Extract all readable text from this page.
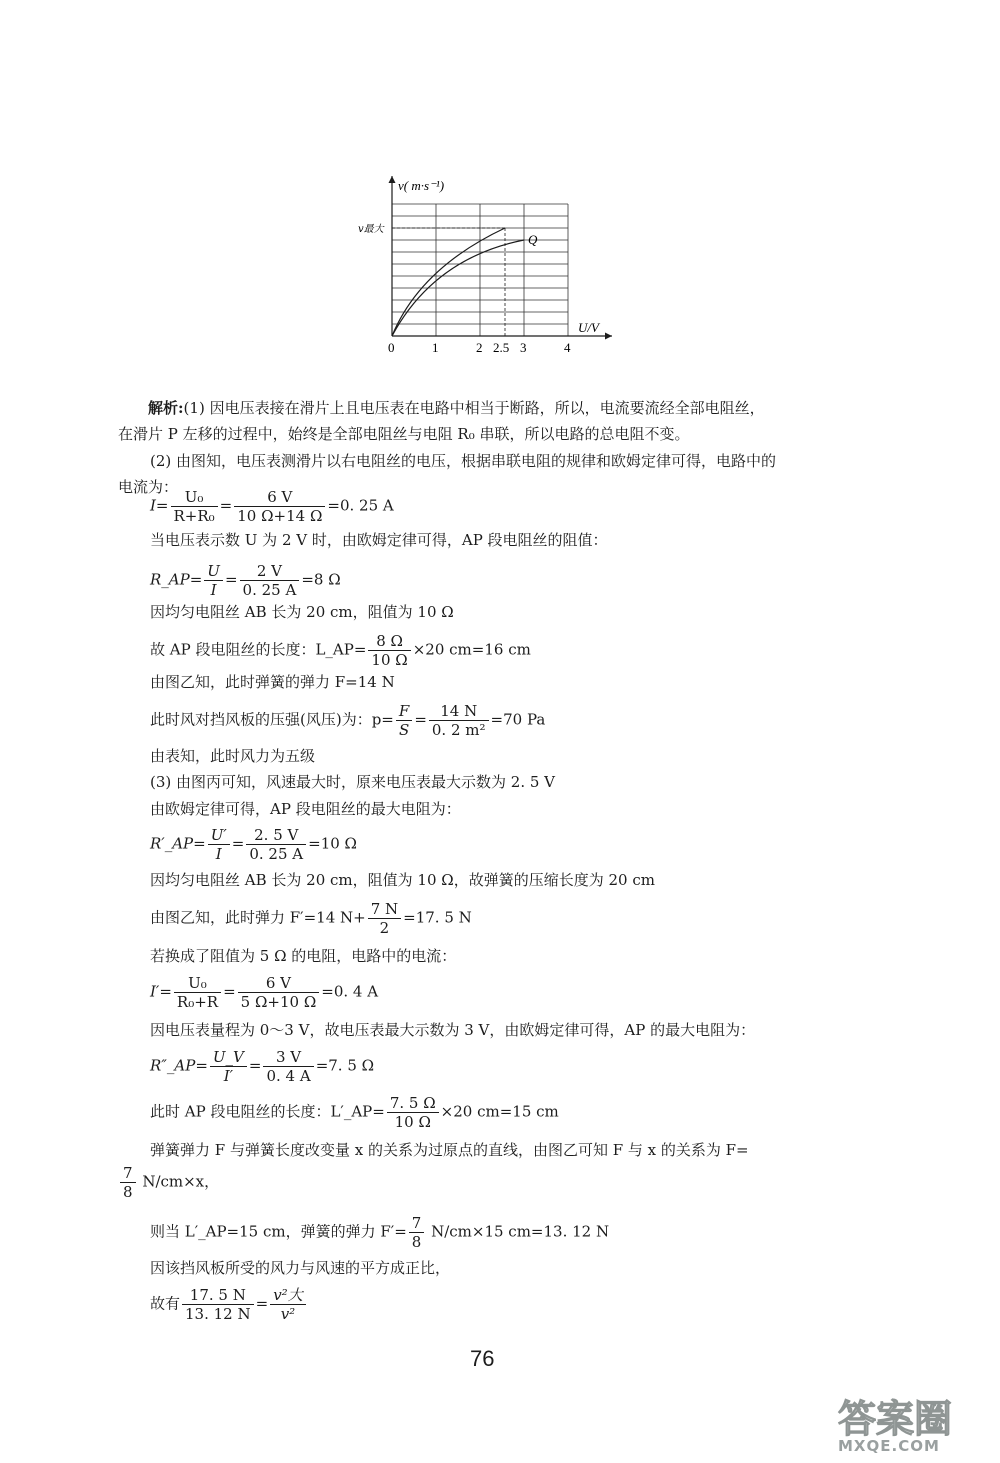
v( m·s⁻¹)
U/V
v最大
Q
0	1	2 2.5 3	4
解析:(1) 因电压表接在滑片上且电压表在电路中相当于断路，所以，电流要流经全部电阻丝，
在滑片 P 左移的过程中，始终是全部电阻丝与电阻 R₀ 串联，所以电路的总电阻不变。
(2) 由图知，电压表测滑片以右电阻丝的电压，根据串联电阻的规律和欧姆定律可得，电路中的
电流为：
$I= \frac{\text{U₀}}{\text{R+R₀}} = \frac{6 V}{10 \Omega+14 \Omega} =0$. 25 A
当电压表示数 U 为 2 V 时，由欧姆定律可得，AP 段电阻丝的阻值：
R_AP= $\frac{U}{I} = \frac{2 V}{0. 25 A} =8$ Ω
因均匀电阻丝 AB 长为 20 cm，阻值为 10 Ω
故 AP 段电阻丝的长度：L_AP= $\frac{8 \Omega}{10 \Omega} \times 20$ cm=16 cm
由图乙知，此时弹簧的弹力 F=14 N
此时风对挡风板的压强(风压)为：$p= \frac{F}{S} = \frac{14 N}{\text{0. 2 m²}} =70$ Pa
由表知，此时风力为五级
(3) 由图丙可知，风速最大时，原来电压表最大示数为 2. 5 V
由欧姆定律可得，AP 段电阻丝的最大电阻为：
R′_AP= $\frac{U'}{I} = \frac{2. 5 V}{0. 25 A} =10$ Ω
因均匀电阻丝 AB 长为 20 cm，阻值为 10 Ω，故弹簧的压缩长度为 20 cm
由图乙知，此时弹力 F′=14 $N+ \frac{7 N}{2} =17$. 5 N
若换成了阻值为 5 Ω 的电阻，电路中的电流：
$I'= \frac{\text{U₀}}{\text{R₀+R}} = \frac{6 V}{5 \Omega+10 \Omega} =0$. 4 A
因电压表量程为 0～3 V，故电压表最大示数为 3 V，由欧姆定律可得，AP 的最大电阻为：
R″_AP= $\frac{U\_V}{I'} = \frac{3 V}{0. 4 A} =7$. 5 Ω
此时 AP 段电阻丝的长度：L′_AP= $\frac{7. 5 \Omega}{10 \Omega} \times 20$ cm=15 cm
弹簧弹力 F 与弹簧长度改变量 x 的关系为过原点的直线，由图乙可知 F 与 x 的关系为 F=
$\frac{7}{8} N/cm\times x$，
则当 L′_AP=15 cm，弹簧的弹力 $F'= \frac{7}{8} N/cm\times 15$ cm=13. 12 N
因该挡风板所受的风力与风速的平方成正比，
故有 $\frac{17. 5 N}{13. 12 N} = \frac{\text{v²大}}{\text{v²}}$
76
答案圈
MXQE.COM
